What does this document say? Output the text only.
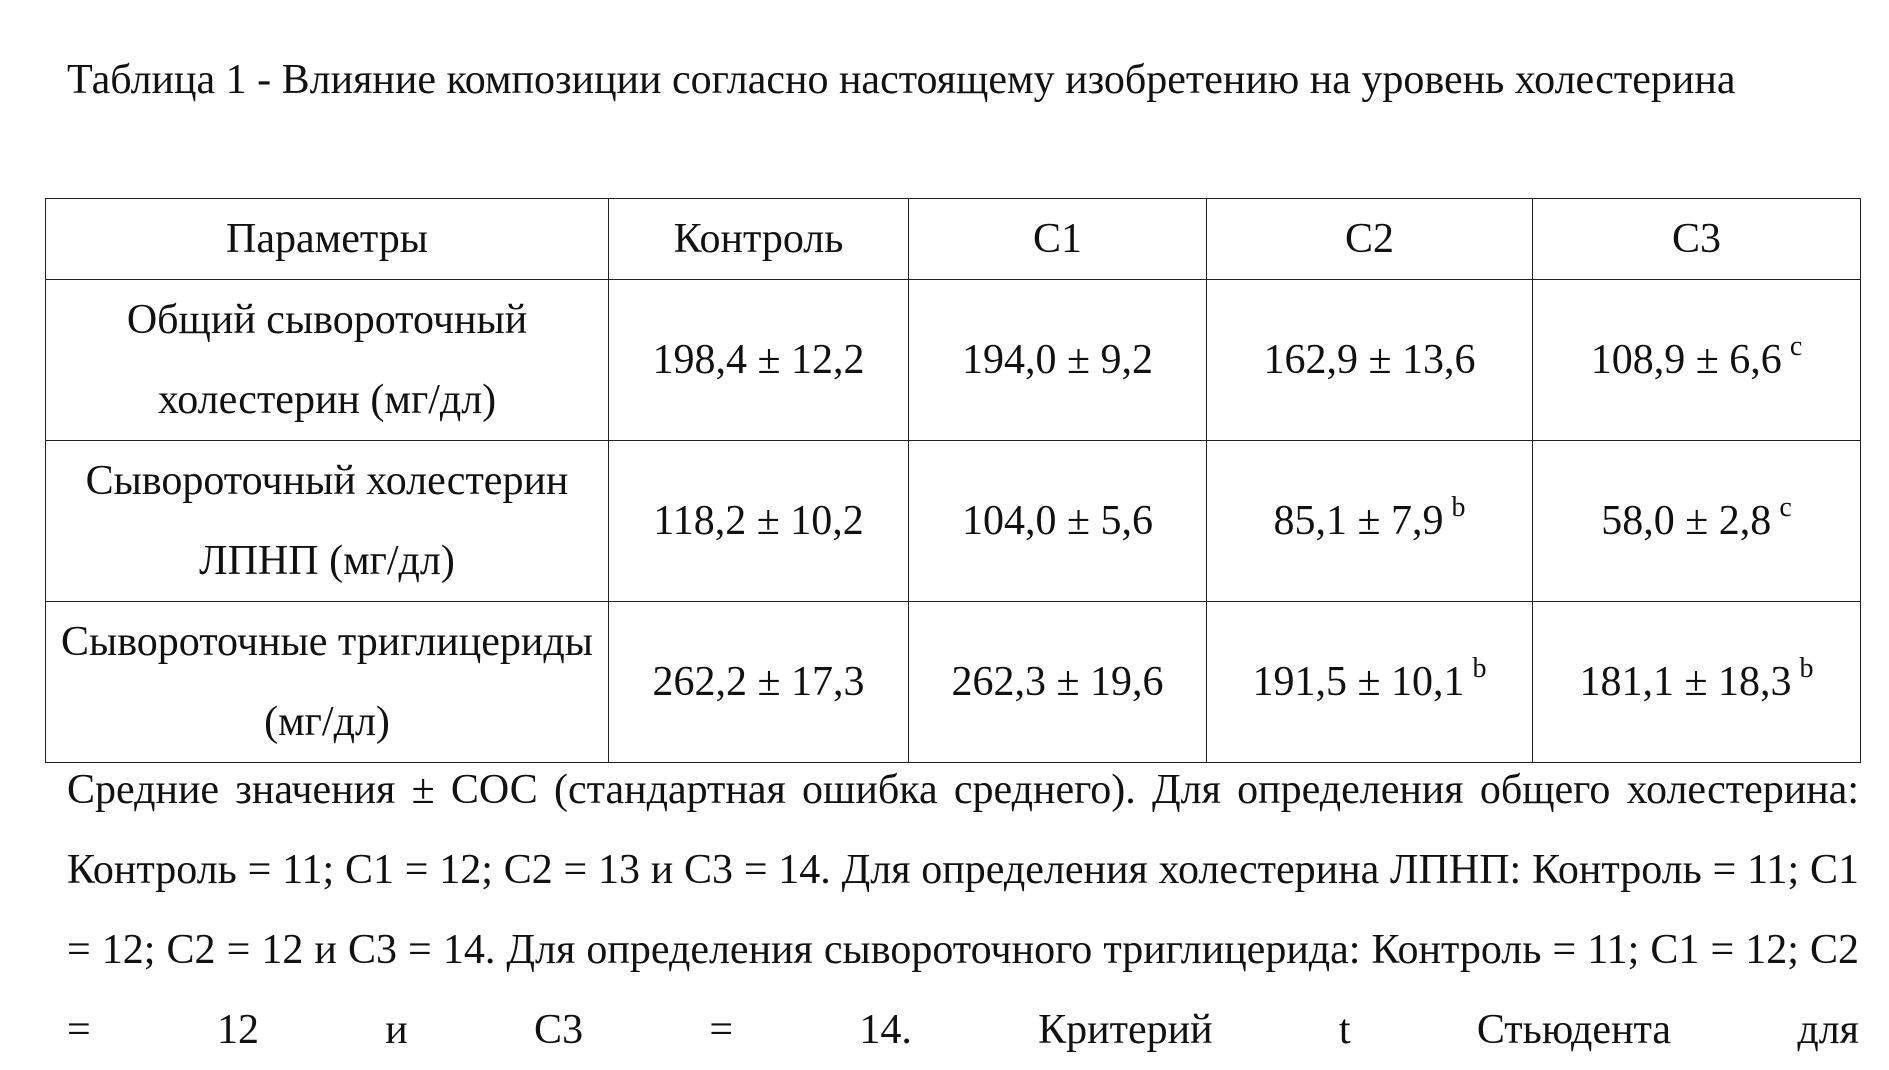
Таблица 1 - Влияние композиции согласно настоящему изобретению на уровень холестерина
Параметры	Контроль	С1	С2	С3
Общий сывороточный холестерин (мг/дл)	198,4 ± 12,2	194,0 ± 9,2	162,9 ± 13,6	108,9 ± 6,6 $^c$
Сывороточный холестерин ЛПНП (мг/дл)	118,2 ± 10,2	104,0 ± 5,6	85,1 ± 7,9 $^b$	58,0 ± 2,8 $^c$
Сывороточные триглицериды (мг/дл)	262,2 ± 17,3	262,3 ± 19,6	191,5 ± 10,1 $^b$	181,1 ± 18,3 $^b$
Средние значения ± СОС (стандартная ошибка среднего). Для определения общего холестерина: Контроль = 11; С1 = 12; С2 = 13 и С3 = 14. Для определения холестерина ЛПНП: Контроль = 11; С1 = 12; С2 = 12 и С3 = 14. Для определения сывороточного триглицерида: Контроль = 11; С1 = 12; С2 = 12 и С3 = 14. Критерий t Стьюдента для
